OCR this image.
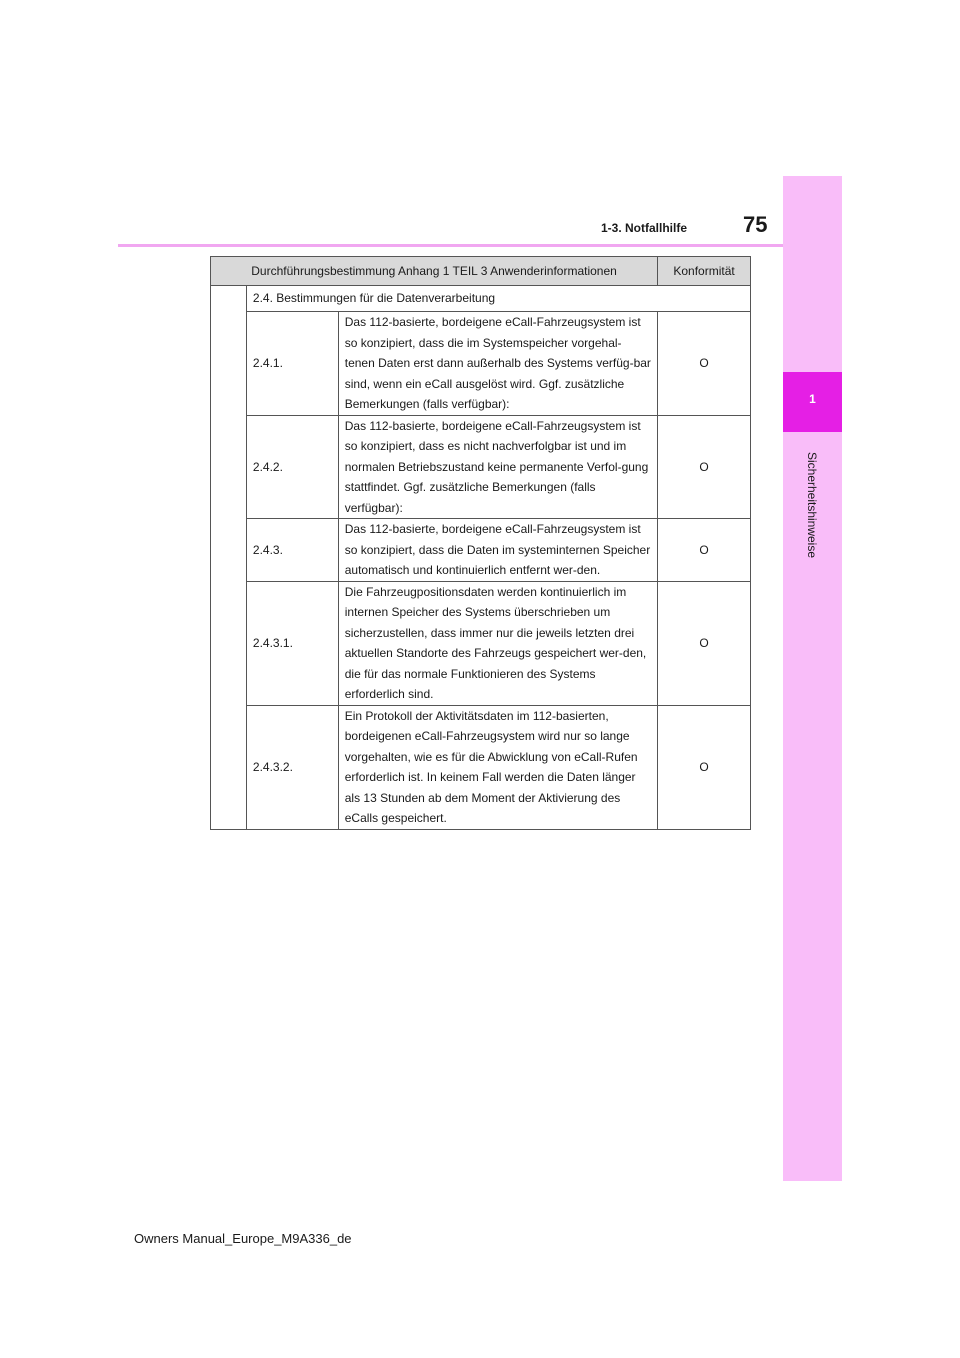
1
Sicherheitshinweise
1-3. Notfallhilfe	75
Durchführungsbestimmung Anhang 1 TEIL 3 Anwenderinformationen			Konformität
	2.4. Bestimmungen für die Datenverarbeitung		
	2.4.1.	Das 112-basierte, bordeigene eCall-Fahrzeugsystem ist so konzipiert, dass die im Systemspeicher vorgehal-tenen Daten erst dann außerhalb des Systems verfüg-bar sind, wenn ein eCall ausgelöst wird. Ggf. zusätzliche Bemerkungen (falls verfügbar):	O
	2.4.2.	Das 112-basierte, bordeigene eCall-Fahrzeugsystem ist so konzipiert, dass es nicht nachverfolgbar ist und im normalen Betriebszustand keine permanente Verfol-gung stattfindet. Ggf. zusätzliche Bemerkungen (falls verfügbar):	O
	2.4.3.	Das 112-basierte, bordeigene eCall-Fahrzeugsystem ist so konzipiert, dass die Daten im systeminternen Speicher automatisch und kontinuierlich entfernt wer-den.	O
	2.4.3.1.	Die Fahrzeugpositionsdaten werden kontinuierlich im internen Speicher des Systems überschrieben um sicherzustellen, dass immer nur die jeweils letzten drei aktuellen Standorte des Fahrzeugs gespeichert wer-den, die für das normale Funktionieren des Systems erforderlich sind.	O
	2.4.3.2.	Ein Protokoll der Aktivitätsdaten im 112-basierten, bordeigenen eCall-Fahrzeugsystem wird nur so lange vorgehalten, wie es für die Abwicklung von eCall-Rufen erforderlich ist. In keinem Fall werden die Daten länger als 13 Stunden ab dem Moment der Aktivierung des eCalls gespeichert.	O
Owners Manual_Europe_M9A336_de
